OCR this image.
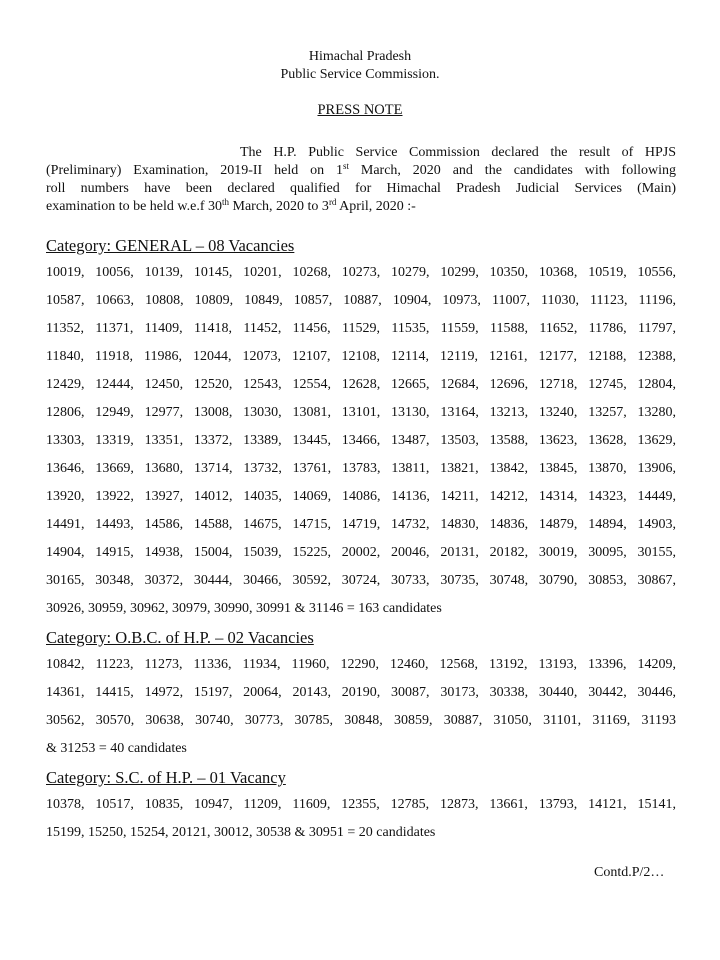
Himachal Pradesh
Public Service Commission.
PRESS NOTE
The H.P. Public Service Commission declared the result of HPJS
(Preliminary) Examination, 2019-II held on 1st March, 2020 and the candidates with following
roll numbers have been declared qualified for Himachal Pradesh Judicial Services (Main)
examination to be held w.e.f 30th March, 2020 to 3rd April, 2020 :-
Category: GENERAL – 08 Vacancies
10019, 10056, 10139, 10145, 10201, 10268, 10273, 10279, 10299, 10350, 10368, 10519, 10556,
10587, 10663, 10808, 10809, 10849, 10857, 10887, 10904, 10973, 11007, 11030, 11123, 11196,
11352, 11371, 11409, 11418, 11452, 11456, 11529, 11535, 11559, 11588, 11652, 11786, 11797,
11840, 11918, 11986, 12044, 12073, 12107, 12108, 12114, 12119, 12161, 12177, 12188, 12388,
12429, 12444, 12450, 12520, 12543, 12554, 12628, 12665, 12684, 12696, 12718, 12745, 12804,
12806, 12949, 12977, 13008, 13030, 13081, 13101, 13130, 13164, 13213, 13240, 13257, 13280,
13303, 13319, 13351, 13372, 13389, 13445, 13466, 13487, 13503, 13588, 13623, 13628, 13629,
13646, 13669, 13680, 13714, 13732, 13761, 13783, 13811, 13821, 13842, 13845, 13870, 13906,
13920, 13922, 13927, 14012, 14035, 14069, 14086, 14136, 14211, 14212, 14314, 14323, 14449,
14491, 14493, 14586, 14588, 14675, 14715, 14719, 14732, 14830, 14836, 14879, 14894, 14903,
14904, 14915, 14938, 15004, 15039, 15225, 20002, 20046, 20131, 20182, 30019, 30095, 30155,
30165, 30348, 30372, 30444, 30466, 30592, 30724, 30733, 30735, 30748, 30790, 30853, 30867,
30926, 30959, 30962, 30979, 30990, 30991 & 31146 = 163 candidates
Category: O.B.C. of H.P. – 02 Vacancies
10842, 11223, 11273, 11336, 11934, 11960, 12290, 12460, 12568, 13192, 13193, 13396, 14209,
14361, 14415, 14972, 15197, 20064, 20143, 20190, 30087, 30173, 30338, 30440, 30442, 30446,
30562, 30570, 30638, 30740, 30773, 30785, 30848, 30859, 30887, 31050, 31101, 31169, 31193
& 31253 = 40 candidates
Category: S.C. of H.P. – 01 Vacancy
10378, 10517, 10835, 10947, 11209, 11609, 12355, 12785, 12873, 13661, 13793, 14121, 15141,
15199, 15250, 15254, 20121, 30012, 30538 & 30951 = 20 candidates
Contd.P/2…
